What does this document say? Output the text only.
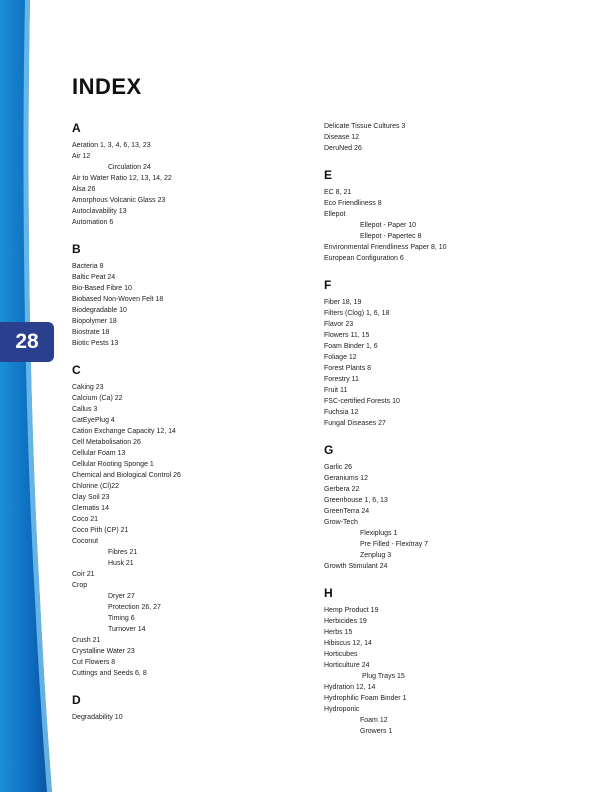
28
INDEX
A
Aeration 1, 3, 4, 6, 13, 23
Air 12
Circulation 24
Air to Water Ratio 12, 13, 14, 22
Alsa 26
Amorphous Volcanic Glass 23
Autoclavability 13
Automation 6
B
Bacteria 8
Baltic Peat 24
Bio-Based Fibre 10
Biobased Non-Woven Felt 18
Biodegradable 10
Biopolymer 18
Biostrate 18
Biotic Pests 13
C
Caking 23
Calcium (Ca) 22
Callus 3
CatEyePlug 4
Cation Exchange Capacity 12, 14
Cell Metabolisation 26
Cellular Foam 13
Cellular Rooting Sponge 1
Chemical and Biological Control 26
Chlorine (Cl)22
Clay Soil 23
Clematis 14
Coco 21
Coco Pith (CP) 21
Coconut
Fibres 21
Husk 21
Coir 21
Crop
Dryer 27
Protection 26, 27
Timing 6
Turnover 14
Crush 21
Crystalline Water 23
Cut Flowers 8
Cuttings and Seeds 6, 8
D
Degradability 10
Delicate Tissue Cultures 3
Disease 12
DeruNed 26
E
EC 8, 21
Eco Friendliness 8
Ellepot
Ellepot - Paper 10
Ellepot - Papertec 8
Environmental Friendliness Paper 8, 10
European Configuration 6
F
Fiber 18, 19
Filters (Clog) 1, 6, 18
Flavor 23
Flowers 11, 15
Foam Binder 1, 6
Foliage 12
Forest Plants 8
Forestry 11
Fruit 11
FSC-certified Forests 10
Fuchsia 12
Fungal Diseases 27
G
Garlic 26
Geraniums 12
Gerbera 22
Greenhouse 1, 6, 13
GreenTerra 24
Grow-Tech
Flexiplugs 1
Pre Filled - Flexitray 7
Zenplug 3
Growth Stimulant 24
H
Hemp Product 19
Herbicides 19
Herbs 15
Hibiscus 12, 14
Horticubes
Horticulture 24
Plug Trays 15
Hydration 12, 14
Hydrophilic Foam Binder 1
Hydroponic
Foam 12
Growers 1
